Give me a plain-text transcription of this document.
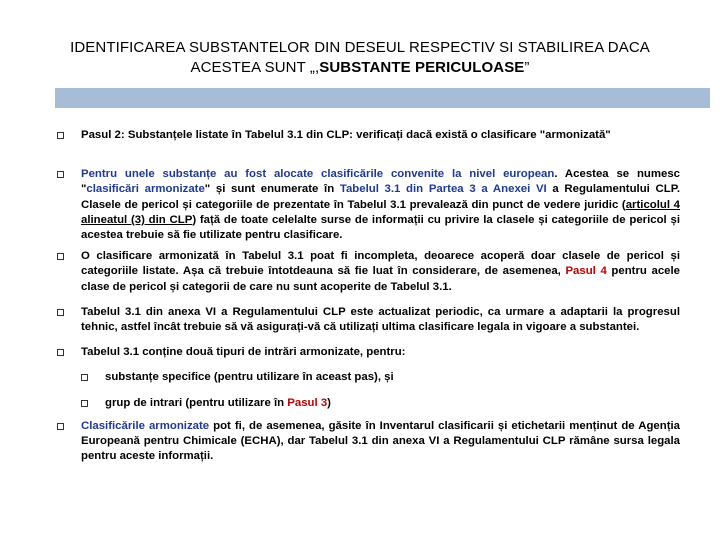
IDENTIFICAREA SUBSTANTELOR DIN DESEUL RESPECTIV SI STABILIREA DACA
ACESTEA SUNT „,SUBSTANTE PERICULOASE”
Pasul 2: Substanțele listate în Tabelul 3.1 din CLP: verificați dacă există o clasificare "armonizată"
Pentru unele substanțe au fost alocate clasificările convenite la nivel european. Acestea se numesc "clasificări armonizate" și sunt enumerate în Tabelul 3.1 din Partea 3 a Anexei VI a Regulamentului CLP. Clasele de pericol și categoriile de prezentate în Tabelul 3.1 prevalează din punct de vedere juridic (articolul 4 alineatul (3) din CLP) față de toate celelalte surse de informații cu privire la clasele și categoriile de pericol și acestea trebuie să fie utilizate pentru clasificare.
O clasificare armonizată în Tabelul 3.1 poat fi incompleta, deoarece acoperă doar clasele de pericol și categoriile listate. Așa că trebuie întotdeauna să fie luat în considerare, de asemenea, Pasul 4 pentru acele clase de pericol și categorii de care nu sunt acoperite de Tabelul 3.1.
Tabelul 3.1 din anexa VI a Regulamentului CLP este actualizat periodic, ca urmare a adaptarii la progresul tehnic, astfel încât trebuie să vă asigurați-vă că utilizați ultima clasificare legala in vigoare a substantei.
Tabelul 3.1 conține două tipuri de intrări armonizate, pentru:
substanțe specifice (pentru utilizare în aceast pas), și
grup de intrari (pentru utilizare în Pasul 3)
Clasificările armonizate pot fi, de asemenea, găsite în Inventarul clasificarii și etichetarii menținut de Agenția Europeană pentru Chimicale (ECHA), dar Tabelul 3.1 din anexa VI a Regulamentului CLP rămâne sursa legala pentru aceste informații.
